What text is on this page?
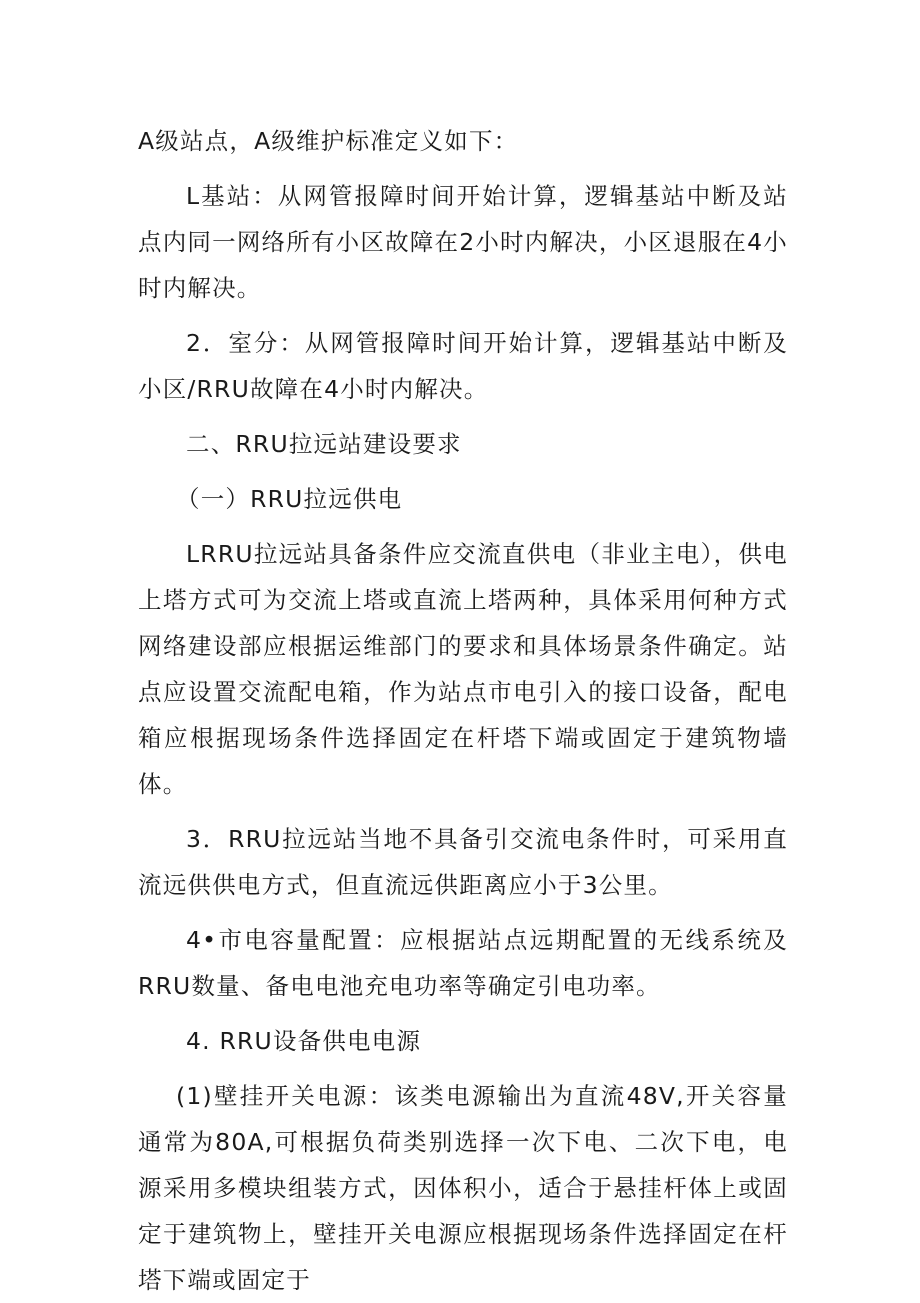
A级站点，A级维护标准定义如下：

L基站：从网管报障时间开始计算，逻辑基站中断及站点内同一网络所有小区故障在2小时内解决，小区退服在4小时内解决。

2．室分：从网管报障时间开始计算，逻辑基站中断及小区/RRU故障在4小时内解决。

二、RRU拉远站建设要求

（一）RRU拉远供电

LRRU拉远站具备条件应交流直供电（非业主电），供电上塔方式可为交流上塔或直流上塔两种，具体采用何种方式网络建设部应根据运维部门的要求和具体场景条件确定。站点应设置交流配电箱，作为站点市电引入的接口设备，配电箱应根据现场条件选择固定在杆塔下端或固定于建筑物墙体。

3．RRU拉远站当地不具备引交流电条件时，可采用直流远供供电方式，但直流远供距离应小于3公里。

4•市电容量配置：应根据站点远期配置的无线系统及RRU数量、备电电池充电功率等确定引电功率。

4. RRU设备供电电源

(1)壁挂开关电源：该类电源输出为直流48V,开关容量通常为80A,可根据负荷类别选择一次下电、二次下电，电源采用多模块组装方式，因体积小，适合于悬挂杆体上或固定于建筑物上，壁挂开关电源应根据现场条件选择固定在杆塔下端或固定于
